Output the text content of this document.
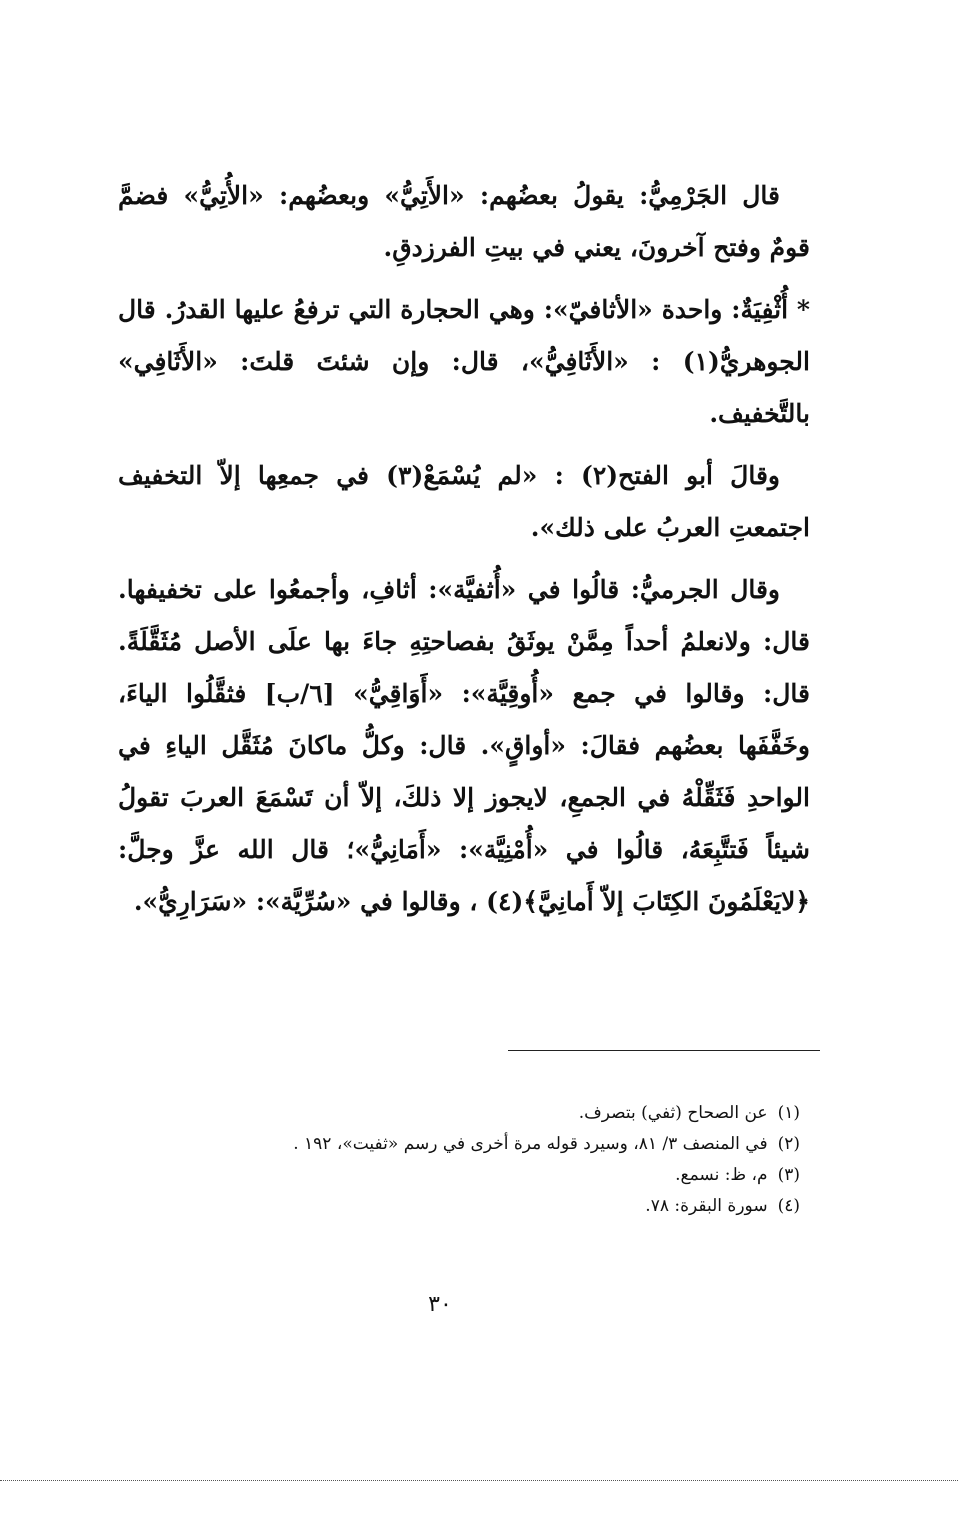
قال الجَرْمِيُّ: يقولُ بعضُهم: «الأَتِيُّ» وبعضُهم: «الأُتِيُّ» فضمَّ قومٌ وفتح آخرونَ، يعني في بيتِ الفرزدقِ.

* أُثْفِيَةٌ: واحدة «الأثافيّ»: وهي الحجارة التي ترفعُ عليها القدرُ. قال الجوهريُّ(١) : «الأَثَافِيُّ»، قال: وإن شئتَ قلتَ: «الأَثَافِي» بالتَّخفيف.

وقالَ أبو الفتح(٢) : «لم يُسْمَعْ(٣) في جمعِها إلاّ التخفيف اجتمعتِ العربُ على ذلك».

وقال الجرميُّ: قالُوا في «أُثفيَّة»: أثافِ، وأجمعُوا على تخفيفها. قال: ولانعلمُ أحداً مِمَّنْ يوثَقُ بفصاحتِهِ جاءَ بها علَى الأصل مُثَقَّلَةً. قال: وقالوا في جمع «أُوقِيَّة»: «أَوَاقِيُّ» [٦/ب] فثقَّلُوا الياءَ، وخَفَّفَها بعضُهم فقالَ: «أواقٍ». قال: وكلُّ ماكانَ مُثَقَّل الياءِ في الواحدِ فَثَقِّلْهُ في الجمعِ، لايجوز إلا ذلكَ، إلاّ أن تَسْمَعَ العربَ تقولُ شيئاً فَتتَّبِعَهُ، قالُوا في «أُمْنِيَّة»: «أَمَانِيُّ»؛ قال الله عزَّ وجلَّ: ﴿لايَعْلَمُونَ الكِتَابَ إلاّ أَمانِيَّ﴾(٤) ، وقالوا في «سُرِّيَّة»: «سَرَارِيُّ».

(١)عن الصحاح (ثفي) بتصرف.
(٢)في المنصف ٣/ ٨١، وسيرد قوله مرة أخرى في رسم «ثفيت»، ١٩٢ .
(٣)م، ظ: نسمع.
(٤)سورة البقرة: ٧٨.
٣٠
